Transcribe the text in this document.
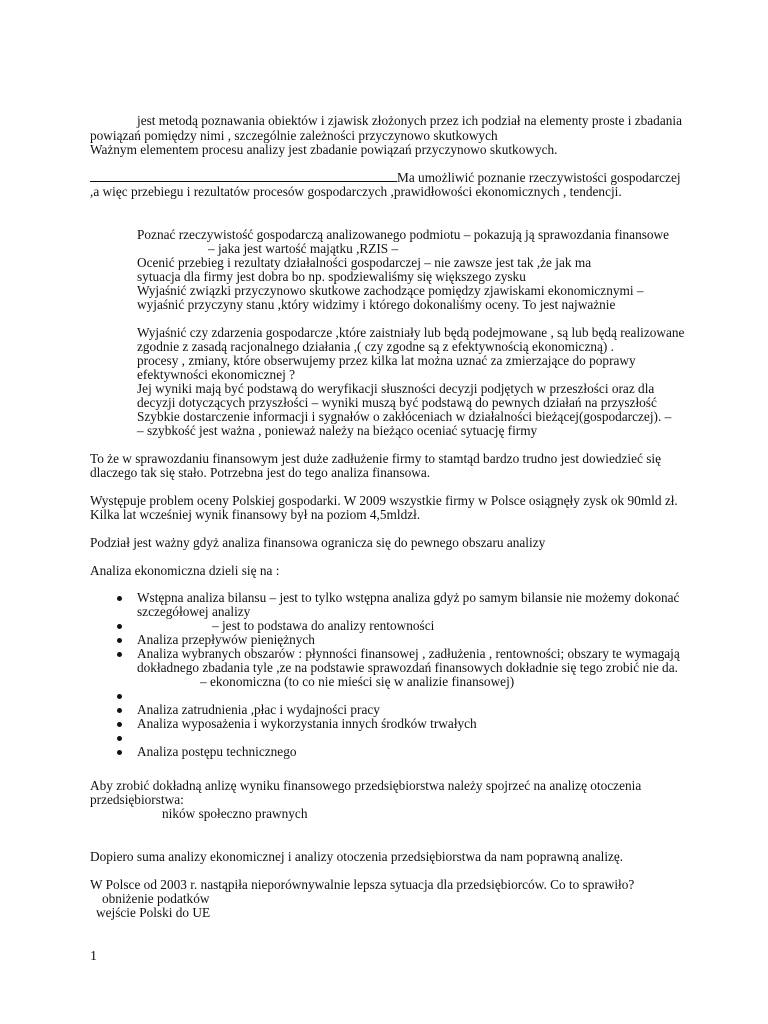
jest metodą poznawania obiektów i zjawisk złożonych przez ich podział na elementy proste i zbadania
powiązań pomiędzy nimi , szczególnie zależności przyczynowo skutkowych
Ważnym elementem procesu analizy jest zbadanie powiązań przyczynowo skutkowych.
Ma umożliwić poznanie rzeczywistości gospodarczej
,a więc przebiegu i rezultatów procesów gospodarczych ,prawidłowości ekonomicznych , tendencji.
Poznać rzeczywistość gospodarczą analizowanego podmiotu – pokazują ją sprawozdania finansowe
– jaka jest wartość majątku ,RZIS –
Ocenić przebieg i rezultaty działalności gospodarczej – nie zawsze jest tak ,że jak ma
sytuacja dla firmy jest dobra bo np. spodziewaliśmy się większego zysku
Wyjaśnić związki przyczynowo skutkowe zachodzące pomiędzy zjawiskami ekonomicznymi –
wyjaśnić przyczyny stanu ,który widzimy i którego dokonaliśmy oceny. To jest najważnie
Wyjaśnić czy zdarzenia gospodarcze ,które zaistniały lub będą podejmowane , są lub będą realizowane
zgodnie z zasadą racjonalnego działania ,( czy zgodne są z efektywnością ekonomiczną) .
procesy , zmiany, które obserwujemy przez kilka lat można uznać za zmierzające do poprawy
efektywności ekonomicznej ?
Jej wyniki mają być podstawą do weryfikacji słuszności decyzji podjętych w przeszłości oraz dla
decyzji dotyczących przyszłości – wyniki muszą być podstawą do pewnych działań na przyszłość
Szybkie dostarczenie informacji i sygnałów o zakłóceniach w działalności bieżącej(gospodarczej). –
– szybkość jest ważna , ponieważ należy na bieżąco oceniać sytuację firmy
To że w sprawozdaniu finansowym jest duże zadłużenie firmy to stamtąd bardzo trudno jest dowiedzieć się
dlaczego tak się stało. Potrzebna jest do tego analiza finansowa.
Występuje problem oceny Polskiej gospodarki. W 2009 wszystkie firmy w Polsce osiągnęły zysk ok 90mld zł.
Kilka lat wcześniej wynik finansowy był na poziom 4,5mldzł.
Podział jest ważny gdyż analiza finansowa ogranicza się do pewnego obszaru analizy
Analiza ekonomiczna dzieli się na :
Wstępna analiza bilansu – jest to tylko wstępna analiza gdyż po samym bilansie nie możemy dokonać
szczegółowej analizy
– jest to podstawa do analizy rentowności
Analiza przepływów pieniężnych
Analiza wybranych obszarów : płynności finansowej , zadłużenia , rentowności; obszary te wymagają
dokładnego zbadania tyle ,ze na podstawie sprawozdań finansowych dokładnie się tego zrobić nie da.
– ekonomiczna (to co nie mieści się w analizie finansowej)
Analiza zatrudnienia ,płac i wydajności pracy
Analiza wyposażenia i wykorzystania innych środków trwałych
Analiza postępu technicznego
Aby zrobić dokładną anlizę wyniku finansowego przedsiębiorstwa należy spojrzeć na analizę otoczenia
przedsiębiorstwa:
ników społeczno prawnych
Dopiero suma analizy ekonomicznej i analizy otoczenia przedsiębiorstwa da nam poprawną analizę.
W Polsce od 2003 r. nastąpiła nieporównywalnie lepsza sytuacja dla przedsiębiorców. Co to sprawiło?
obniżenie podatków
wejście Polski do UE
1
